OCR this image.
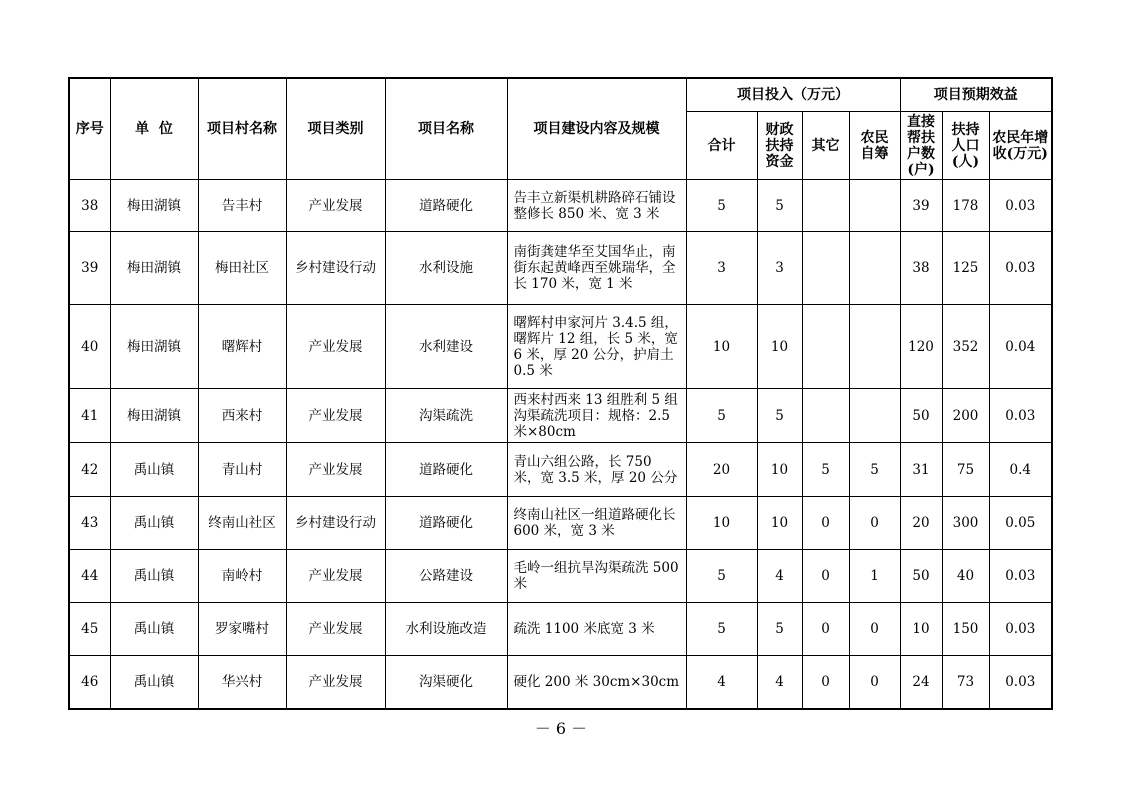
序号	单  位	项目村名称	项目类别	项目名称	项目建设内容及规模	项目投入（万元）				项目预期效益		
						合计	财政扶持资金	其它	农民自筹	直接帮扶户数(户)	扶持人口(人)	农民年增收(万元)
38	梅田湖镇	告丰村	产业发展	道路硬化	告丰立新渠机耕路碎石铺设整修长 850 米、宽 3 米	5	5			39	178	0.03
39	梅田湖镇	梅田社区	乡村建设行动	水利设施	南街龚建华至艾国华止，南街东起黄峰西至姚瑞华，全长 170 米，宽 1 米	3	3			38	125	0.03
40	梅田湖镇	曙辉村	产业发展	水利建设	曙辉村申家河片 3.4.5 组，曙辉片 12 组，长 5 米，宽 6 米，厚 20 公分，护肩土 0.5 米	10	10			120	352	0.04
41	梅田湖镇	西来村	产业发展	沟渠疏洗	西来村西来 13 组胜利 5 组沟渠疏洗项目：规格：2.5 米×80cm	5	5			50	200	0.03
42	禹山镇	青山村	产业发展	道路硬化	青山六组公路，长 750 米，宽 3.5 米，厚 20 公分	20	10	5	5	31	75	0.4
43	禹山镇	终南山社区	乡村建设行动	道路硬化	终南山社区一组道路硬化长 600 米，宽 3 米	10	10	0	0	20	300	0.05
44	禹山镇	南岭村	产业发展	公路建设	毛岭一组抗旱沟渠疏洗 500 米	5	4	0	1	50	40	0.03
45	禹山镇	罗家嘴村	产业发展	水利设施改造	疏洗 1100 米底宽 3 米	5	5	0	0	10	150	0.03
46	禹山镇	华兴村	产业发展	沟渠硬化	硬化 200 米 30cm×30cm	4	4	0	0	24	73	0.03
－ 6 －
